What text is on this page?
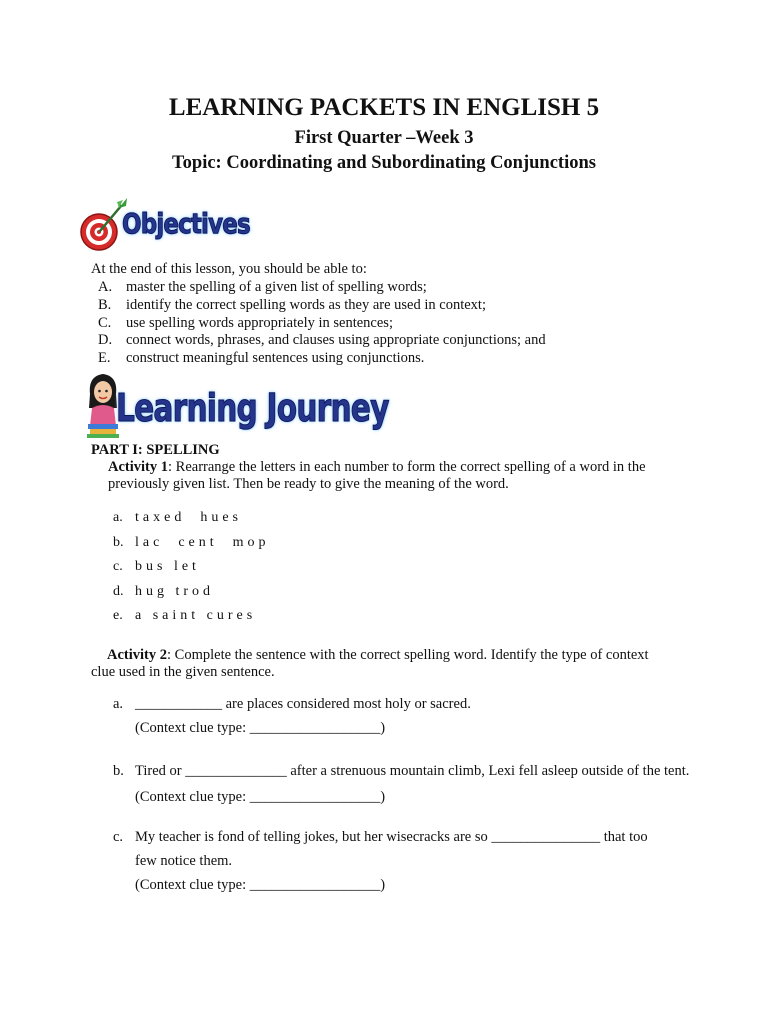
LEARNING PACKETS IN ENGLISH 5
First Quarter –Week 3
Topic: Coordinating and Subordinating Conjunctions
Objectives
At the end of this lesson, you should be able to:
A. master the spelling of a given list of spelling words;
B. identify the correct spelling words as they are used in context;
C. use spelling words appropriately in sentences;
D. connect words, phrases, and clauses using appropriate conjunctions; and
E. construct meaningful sentences using conjunctions.
Learning Journey
PART I: SPELLING
Activity 1: Rearrange the letters in each number to form the correct spelling of a word in the previously given list. Then be ready to give the meaning of the word.
a. taxed  hues
b. lac  cent  mop
c. bus let
d. hug trod
e. a saint cures
Activity 2: Complete the sentence with the correct spelling word. Identify the type of context clue used in the given sentence.
a. ____________ are places considered most holy or sacred.
(Context clue type: __________________)
b. Tired or ______________ after a strenuous mountain climb, Lexi fell asleep outside of the tent.
(Context clue type: __________________)
c. My teacher is fond of telling jokes, but her wisecracks are so _______________ that too few notice them.
(Context clue type: __________________)
